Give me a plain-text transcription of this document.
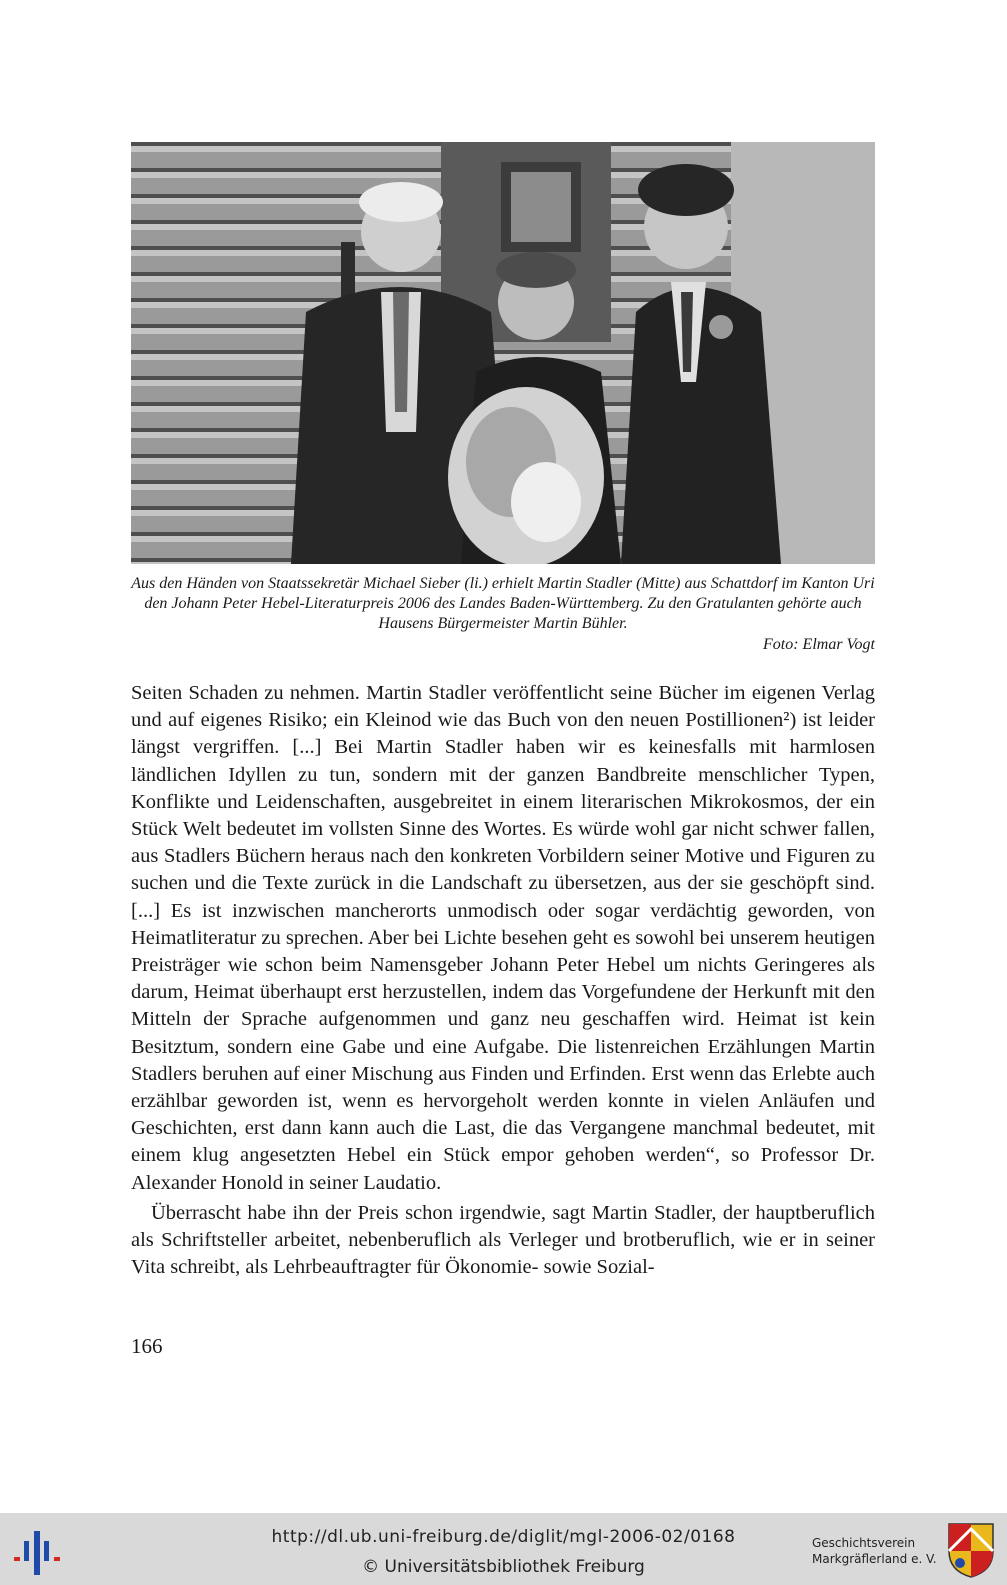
Aus den Händen von Staatssekretär Michael Sieber (li.) erhielt Martin Stadler (Mitte) aus Schattdorf im Kanton Uri den Johann Peter Hebel-Literaturpreis 2006 des Landes Baden-Württemberg. Zu den Gratulanten gehörte auch Hausens Bürgermeister Martin Bühler.
Foto: Elmar Vogt

Seiten Schaden zu nehmen. Martin Stadler veröffentlicht seine Bücher im eigenen Verlag und auf eigenes Risiko; ein Kleinod wie das Buch von den neuen Postillionen²) ist leider längst vergriffen. [...] Bei Martin Stadler haben wir es keinesfalls mit harmlosen ländlichen Idyllen zu tun, sondern mit der ganzen Bandbreite menschlicher Typen, Konflikte und Leidenschaften, ausgebreitet in einem literarischen Mikrokosmos, der ein Stück Welt bedeutet im vollsten Sinne des Wortes. Es würde wohl gar nicht schwer fallen, aus Stadlers Büchern heraus nach den konkreten Vorbildern seiner Motive und Figuren zu suchen und die Texte zurück in die Landschaft zu übersetzen, aus der sie geschöpft sind. [...] Es ist inzwischen mancherorts unmodisch oder sogar verdächtig geworden, von Heimatliteratur zu sprechen. Aber bei Lichte besehen geht es sowohl bei unserem heutigen Preisträger wie schon beim Namensgeber Johann Peter Hebel um nichts Geringeres als darum, Heimat überhaupt erst herzustellen, indem das Vorgefundene der Herkunft mit den Mitteln der Sprache aufgenommen und ganz neu geschaffen wird. Heimat ist kein Besitztum, sondern eine Gabe und eine Aufgabe. Die listenreichen Erzählungen Martin Stadlers beruhen auf einer Mischung aus Finden und Erfinden. Erst wenn das Erlebte auch erzählbar geworden ist, wenn es hervorgeholt werden konnte in vielen Anläufen und Geschichten, erst dann kann auch die Last, die das Vergangene manchmal bedeutet, mit einem klug angesetzten Hebel ein Stück empor gehoben werden“, so Professor Dr. Alexander Honold in seiner Laudatio.

Überrascht habe ihn der Preis schon irgendwie, sagt Martin Stadler, der hauptberuflich als Schriftsteller arbeitet, nebenberuflich als Verleger und brotberuflich, wie er in seiner Vita schreibt, als Lehrbeauftragter für Ökonomie- sowie Sozial-

166
http://dl.ub.uni-freiburg.de/diglit/mgl-2006-02/0168
© Universitätsbibliothek Freiburg
Geschichtsverein
Markgräflerland e. V.
